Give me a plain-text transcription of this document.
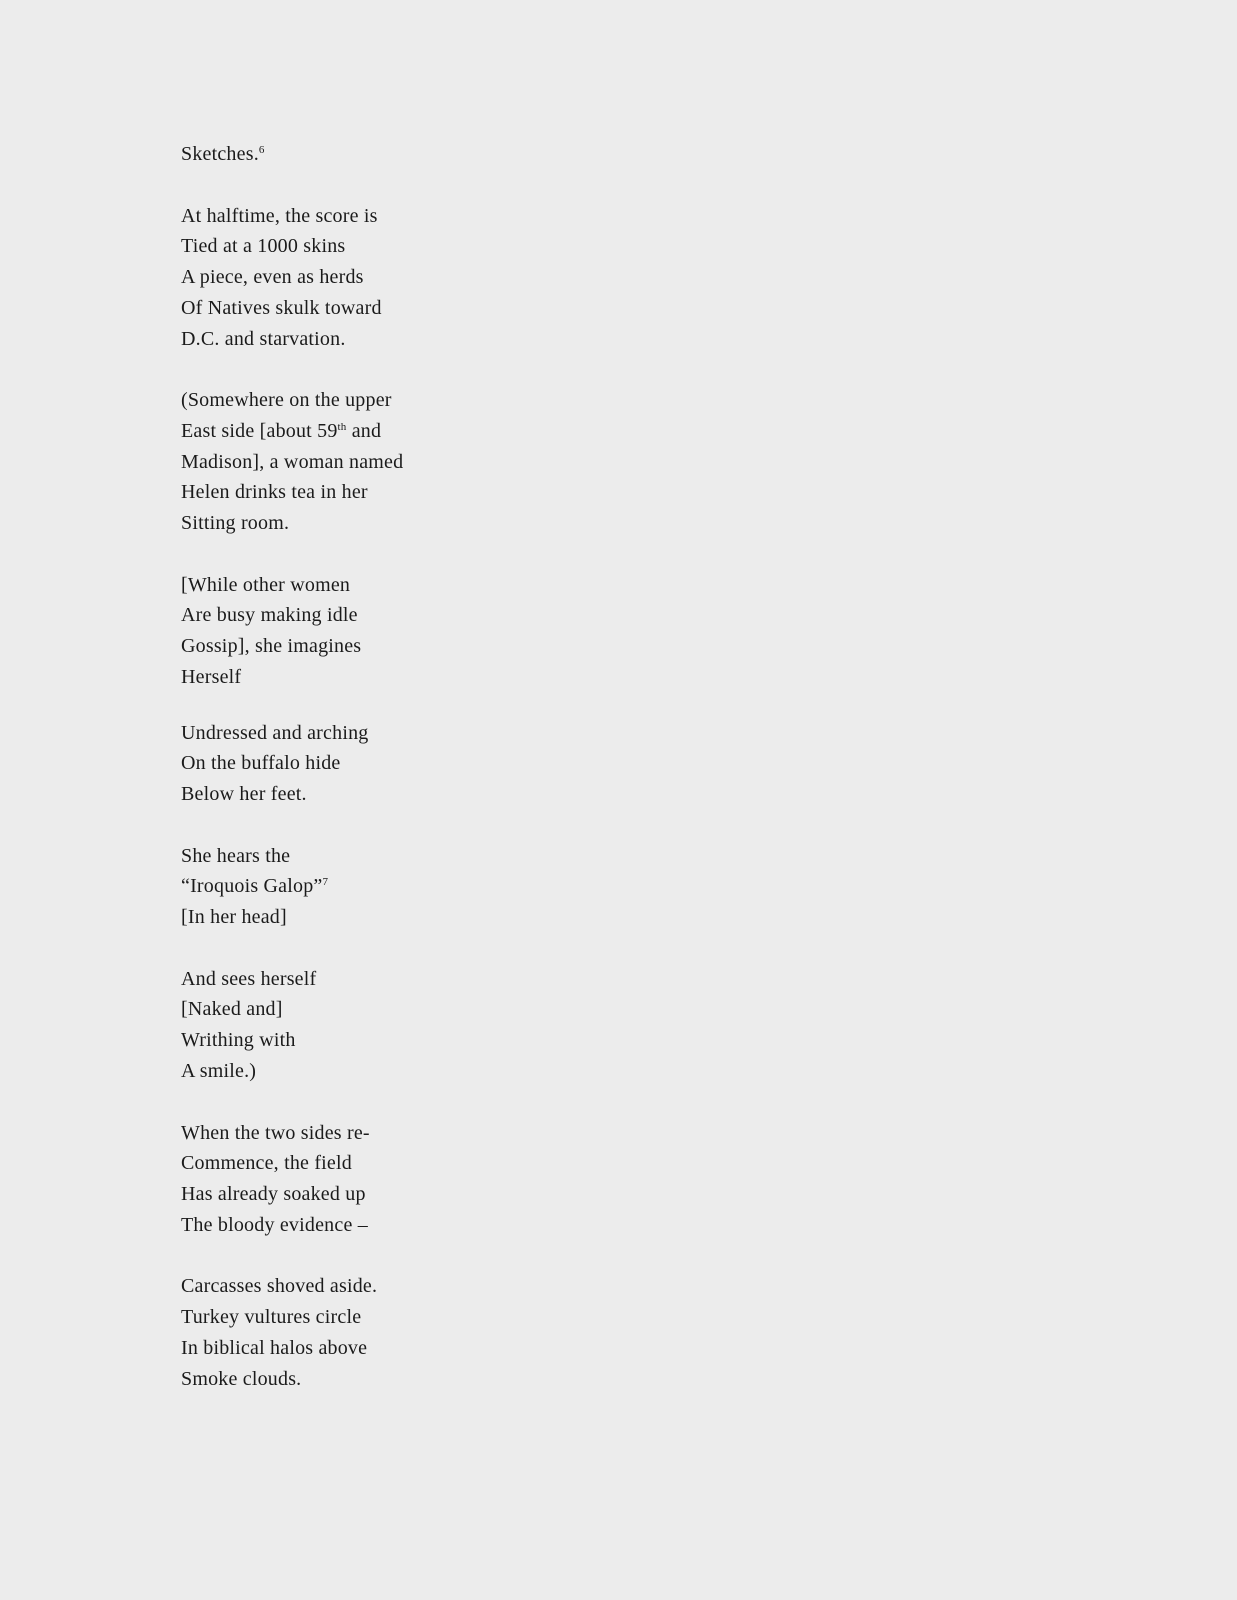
Sketches.$^6$
At halftime, the score is
Tied at a 1000 skins
A piece, even as herds
Of Natives skulk toward
D.C. and starvation.
(Somewhere on the upper
East side [about 59th and
Madison], a woman named
Helen drinks tea in her
Sitting room.
[While other women
Are busy making idle
Gossip], she imagines
Herself
Undressed and arching
On the buffalo hide
Below her feet.
She hears the
“Iroquois Galop”$^7$
[In her head]
And sees herself
[Naked and]
Writhing with
A smile.)
When the two sides re-
Commence, the field
Has already soaked up
The bloody evidence –
Carcasses shoved aside.
Turkey vultures circle
In biblical halos above
Smoke clouds.
